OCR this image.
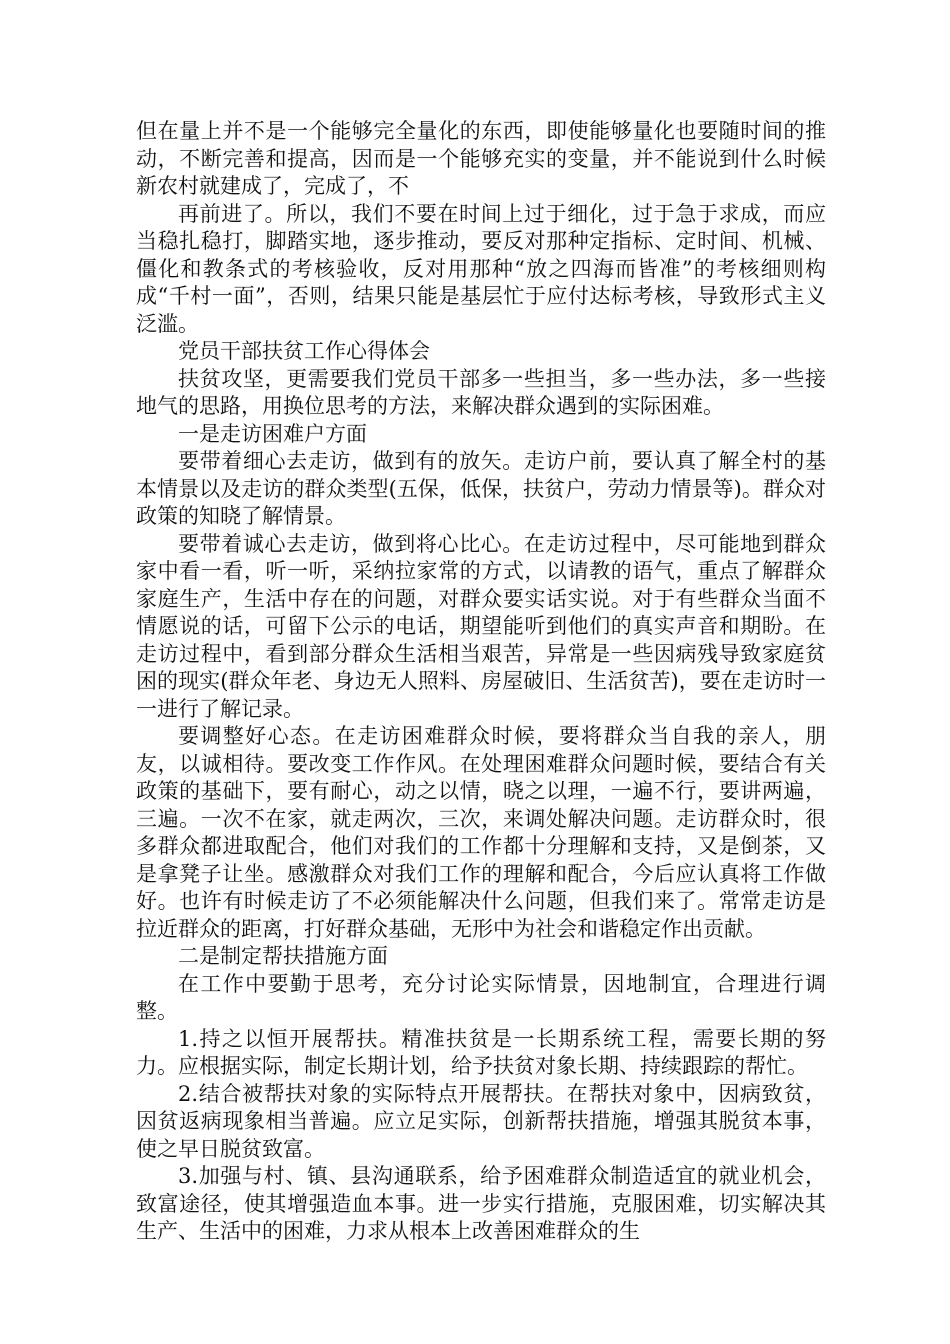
但在量上并不是一个能够完全量化的东西，即使能够量化也要随时间的推动，不断完善和提高，因而是一个能够充实的变量，并不能说到什么时候新农村就建成了，完成了，不

再前进了。所以，我们不要在时间上过于细化，过于急于求成，而应当稳扎稳打，脚踏实地，逐步推动，要反对那种定指标、定时间、机械、僵化和教条式的考核验收，反对用那种“放之四海而皆准”的考核细则构成“千村一面”，否则，结果只能是基层忙于应付达标考核，导致形式主义泛滥。

党员干部扶贫工作心得体会

扶贫攻坚，更需要我们党员干部多一些担当，多一些办法，多一些接地气的思路，用换位思考的方法，来解决群众遇到的实际困难。

一是走访困难户方面

要带着细心去走访，做到有的放矢。走访户前，要认真了解全村的基本情景以及走访的群众类型(五保，低保，扶贫户，劳动力情景等)。群众对政策的知晓了解情景。

要带着诚心去走访，做到将心比心。在走访过程中，尽可能地到群众家中看一看，听一听，采纳拉家常的方式，以请教的语气，重点了解群众家庭生产，生活中存在的问题，对群众要实话实说。对于有些群众当面不情愿说的话，可留下公示的电话，期望能听到他们的真实声音和期盼。在走访过程中，看到部分群众生活相当艰苦，异常是一些因病残导致家庭贫困的现实(群众年老、身边无人照料、房屋破旧、生活贫苦)，要在走访时一一进行了解记录。

要调整好心态。在走访困难群众时候，要将群众当自我的亲人，朋友，以诚相待。要改变工作作风。在处理困难群众问题时候，要结合有关政策的基础下，要有耐心，动之以情，晓之以理，一遍不行，要讲两遍，三遍。一次不在家，就走两次，三次，来调处解决问题。走访群众时，很多群众都进取配合，他们对我们的工作都十分理解和支持，又是倒茶，又是拿凳子让坐。感激群众对我们工作的理解和配合，今后应认真将工作做好。也许有时候走访了不必须能解决什么问题，但我们来了。常常走访是拉近群众的距离，打好群众基础，无形中为社会和谐稳定作出贡献。

二是制定帮扶措施方面

在工作中要勤于思考，充分讨论实际情景，因地制宜，合理进行调整。

1.持之以恒开展帮扶。精准扶贫是一长期系统工程，需要长期的努力。应根据实际，制定长期计划，给予扶贫对象长期、持续跟踪的帮忙。

2.结合被帮扶对象的实际特点开展帮扶。在帮扶对象中，因病致贫，因贫返病现象相当普遍。应立足实际，创新帮扶措施，增强其脱贫本事，使之早日脱贫致富。

3.加强与村、镇、县沟通联系，给予困难群众制造适宜的就业机会，致富途径，使其增强造血本事。进一步实行措施，克服困难，切实解决其生产、生活中的困难，力求从根本上改善困难群众的生
